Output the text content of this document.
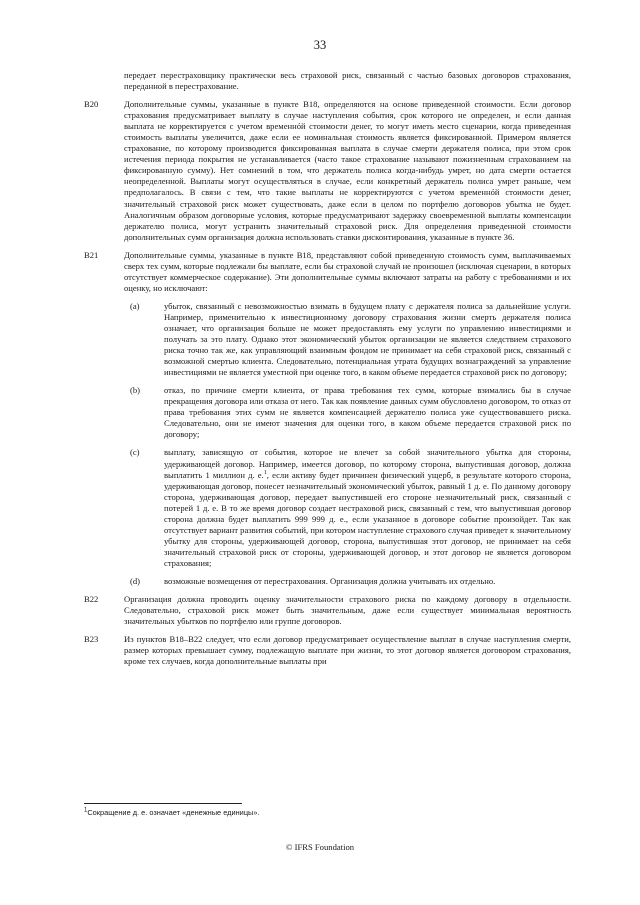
33
передает перестраховщику практически весь страховой риск, связанный с частью базовых договоров страхования, переданной в перестрахование.
B20	Дополнительные суммы, указанные в пункте B18, определяются на основе приведенной стоимости. Если договор страхования предусматривает выплату в случае наступления события, срок которого не определен, и если данная выплата не корректируется с учетом временнóй стоимости денег, то могут иметь место сценарии, когда приведенная стоимость выплаты увеличится, даже если ее номинальная стоимость является фиксированной. Примером является страхование, по которому производится фиксированная выплата в случае смерти держателя полиса, при этом срок истечения периода покрытия не устанавливается (часто такое страхование называют пожизненным страхованием на фиксированную сумму). Нет сомнений в том, что держатель полиса когда-нибудь умрет, но дата смерти остается неопределенной. Выплаты могут осуществляться в случае, если конкретный держатель полиса умрет раньше, чем предполагалось. В связи с тем, что такие выплаты не корректируются с учетом временнóй стоимости денег, значительный страховой риск может существовать, даже если в целом по портфелю договоров убытка не будет. Аналогичным образом договорные условия, которые предусматривают задержку своевременной выплаты компенсации держателю полиса, могут устранить значительный страховой риск. Для определения приведенной стоимости дополнительных сумм организация должна использовать ставки дисконтирования, указанные в пункте 36.
B21	Дополнительные суммы, указанные в пункте B18, представляют собой приведенную стоимость сумм, выплачиваемых сверх тех сумм, которые подлежали бы выплате, если бы страховой случай не произошел (исключая сценарии, в которых отсутствует коммерческое содержание). Эти дополнительные суммы включают затраты на работу с требованиями и их оценку, но исключают:
(a)	убыток, связанный с невозможностью взимать в будущем плату с держателя полиса за дальнейшие услуги. Например, применительно к инвестиционному договору страхования жизни смерть держателя полиса означает, что организация больше не может предоставлять ему услуги по управлению инвестициями и получать за это плату. Однако этот экономический убыток организации не является следствием страхового риска точно так же, как управляющий взаимным фондом не принимает на себя страховой риск, связанный с возможной смертью клиента. Следовательно, потенциальная утрата будущих вознаграждений за управление инвестициями не является уместной при оценке того, в каком объеме передается страховой риск по договору;
(b)	отказ, по причине смерти клиента, от права требования тех сумм, которые взимались бы в случае прекращения договора или отказа от него. Так как появление данных сумм обусловлено договором, то отказ от права требования этих сумм не является компенсацией держателю полиса уже существовавшего риска. Следовательно, они не имеют значения для оценки того, в каком объеме передается страховой риск по договору;
(c)	выплату, зависящую от события, которое не влечет за собой значительного убытка для стороны, удерживающей договор. Например, имеется договор, по которому сторона, выпустившая договор, должна выплатить 1 миллион д. е.$^1$, если активу будет причинен физический ущерб, в результате которого сторона, удерживающая договор, понесет незначительный экономический убыток, равный 1 д. е. По данному договору сторона, удерживающая договор, передает выпустившей его стороне незначительный риск, связанный с потерей 1 д. е. В то же время договор создает нестраховой риск, связанный с тем, что выпустившая договор сторона должна будет выплатить 999 999 д. е., если указанное в договоре событие произойдет. Так как отсутствует вариант развития событий, при котором наступление страхового случая приведет к значительному убытку для стороны, удерживающей договор, сторона, выпустившая этот договор, не принимает на себя значительный страховой риск от стороны, удерживающей договор, и этот договор не является договором страхования;
(d)	возможные возмещения от перестрахования. Организация должна учитывать их отдельно.
B22	Организация должна проводить оценку значительности страхового риска по каждому договору в отдельности. Следовательно, страховой риск может быть значительным, даже если существует минимальная вероятность значительных убытков по портфелю или группе договоров.
B23	Из пунктов B18–B22 следует, что если договор предусматривает осуществление выплат в случае наступления смерти, размер которых превышает сумму, подлежащую выплате при жизни, то этот договор является договором страхования, кроме тех случаев, когда дополнительные выплаты при
$^1$Сокращение д. е. означает «денежные единицы».
© IFRS Foundation
